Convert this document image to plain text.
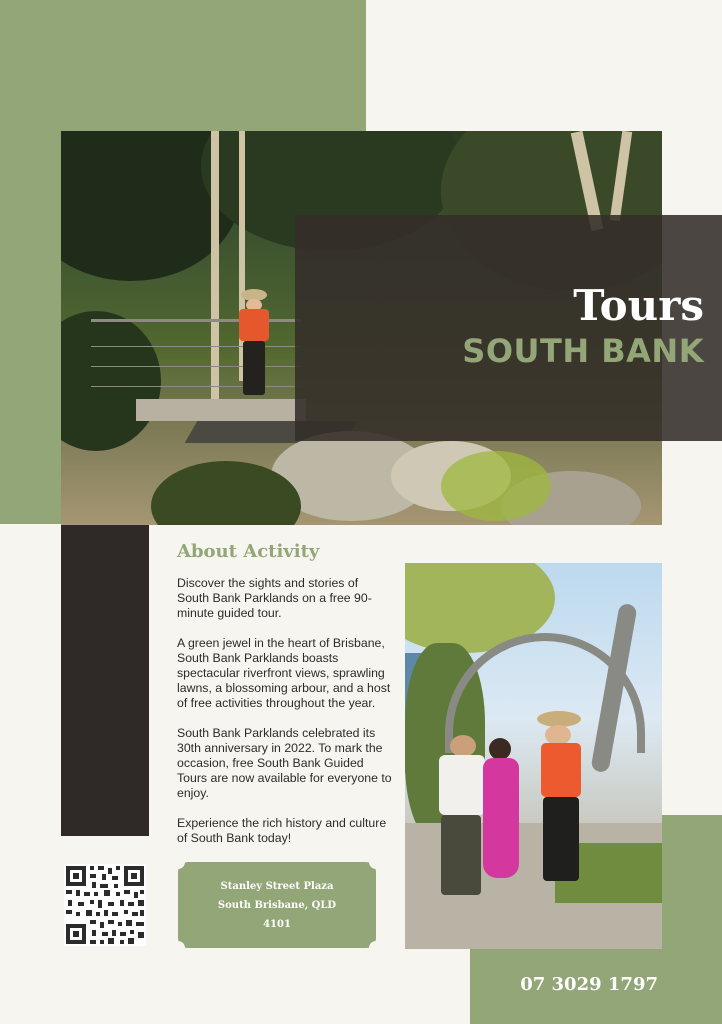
Tours
SOUTH BANK
About Activity

Discover the sights and stories of South Bank Parklands on a free 90-minute guided tour.

A green jewel in the heart of Brisbane, South Bank Parklands boasts spectacular riverfront views, sprawling lawns, a blossoming arbour, and a host of free activities throughout the year.

South Bank Parklands celebrated its 30th anniversary in 2022. To mark the occasion, free South Bank Guided Tours are now available for everyone to enjoy.

Experience the rich history and culture of South Bank today!

Stanley Street Plaza
South Brisbane, QLD
4101
07 3029 1797
